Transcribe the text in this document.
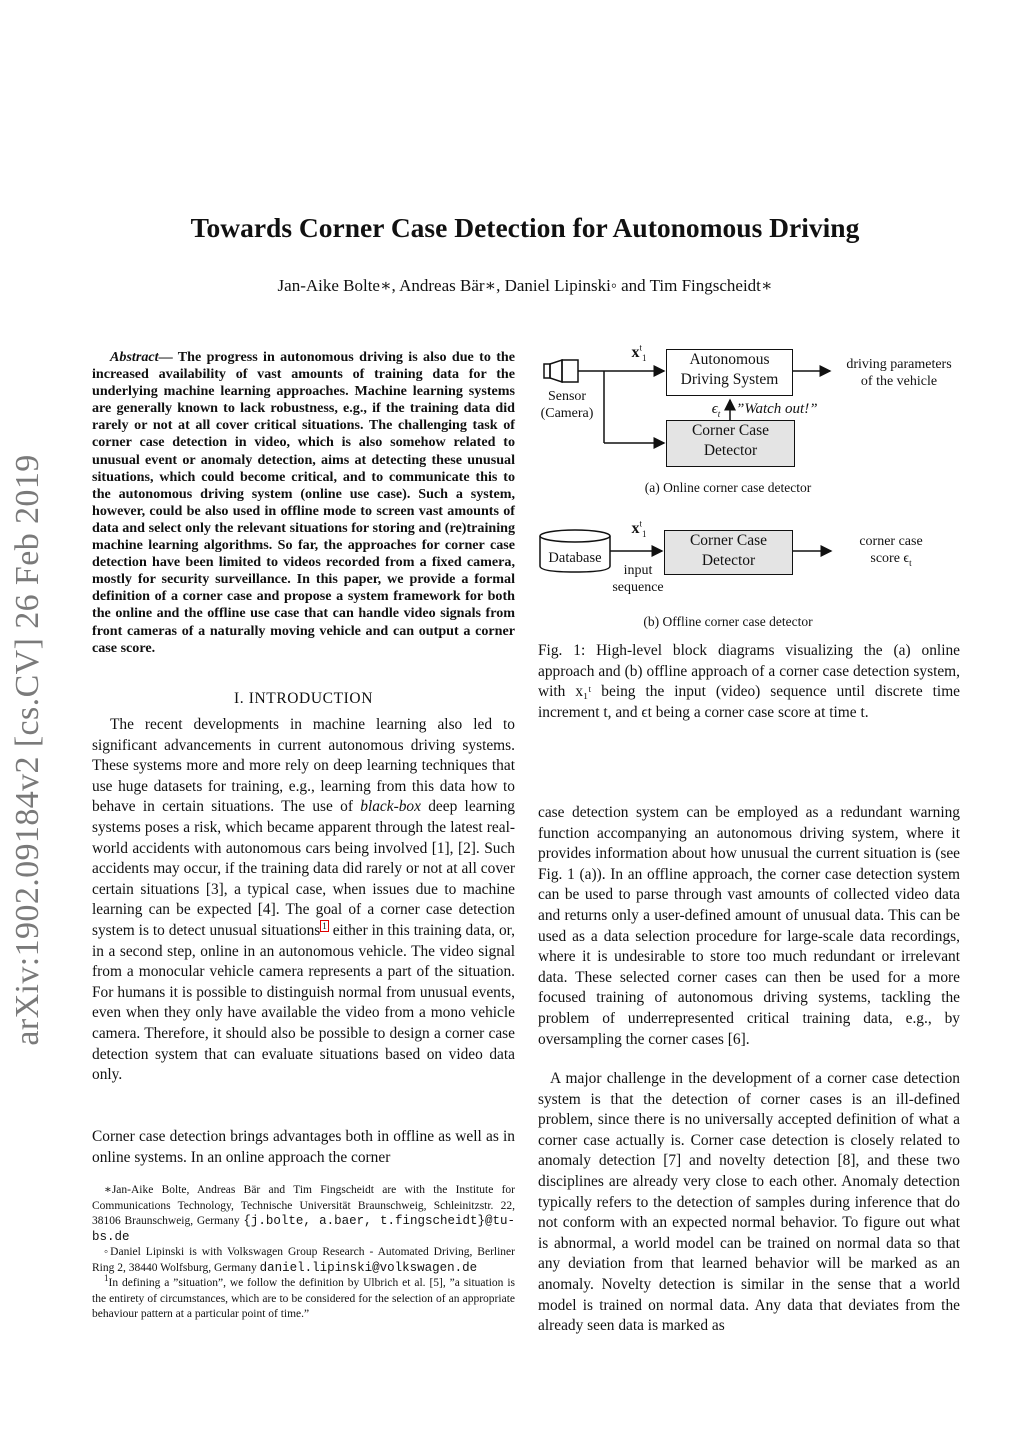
arXiv:1902.09184v2 [cs.CV] 26 Feb 2019
Towards Corner Case Detection for Autonomous Driving
Jan-Aike Bolte∗, Andreas Bär∗, Daniel Lipinski◦ and Tim Fingscheidt∗
Abstract— The progress in autonomous driving is also due to the increased availability of vast amounts of training data for the underlying machine learning approaches. Machine learning systems are generally known to lack robustness, e.g., if the training data did rarely or not at all cover critical situations. The challenging task of corner case detection in video, which is also somehow related to unusual event or anomaly detection, aims at detecting these unusual situations, which could become critical, and to communicate this to the autonomous driving system (online use case). Such a system, however, could be also used in offline mode to screen vast amounts of data and select only the relevant situations for storing and (re)training machine learning algorithms. So far, the approaches for corner case detection have been limited to videos recorded from a fixed camera, mostly for security surveillance. In this paper, we provide a formal definition of a corner case and propose a system framework for both the online and the offline use case that can handle video signals from front cameras of a naturally moving vehicle and can output a corner case score.
I. INTRODUCTION
The recent developments in machine learning also led to significant advancements in current autonomous driving systems. These systems more and more rely on deep learning techniques that use huge datasets for training, e.g., learning from this data how to behave in certain situations. The use of black-box deep learning systems poses a risk, which became apparent through the latest real-world accidents with autonomous cars being involved [1], [2]. Such accidents may occur, if the training data did rarely or not at all cover certain situations [3], a typical case, when issues due to machine learning can be expected [4]. The goal of a corner case detection system is to detect unusual situations $^1$ either in this training data, or, in a second step, online in an autonomous vehicle. The video signal from a monocular vehicle camera represents a part of the situation. For humans it is possible to distinguish normal from unusual events, even when they only have available the video from a mono vehicle camera. Therefore, it should also be possible to design a corner case detection system that can evaluate situations based on video data only.
Corner case detection brings advantages both in offline as well as in online systems. In an online approach the corner

∗Jan-Aike Bolte, Andreas Bär and Tim Fingscheidt are with the Institute for Communications Technology, Technische Universität Braunschweig, Schleinitzstr. 22, 38106 Braunschweig, Germany {j.bolte, a.baer, t.fingscheidt}@tu-bs.de

◦Daniel Lipinski is with Volkswagen Group Research - Automated Driving, Berliner Ring 2, 38440 Wolfsburg, Germany daniel.lipinski@volkswagen.de

$^1$In defining a ”situation”, we follow the definition by Ulbrich et al. [5], ”a situation is the entirety of circumstances, which are to be considered for the selection of an appropriate behaviour pattern at a particular point of time.”

Sensor
(Camera)
$x^t_1$	Autonomous
Driving System
Corner Case
Detector
$\epsilon_t$	”Watch out!”
driving parameters
of the vehicle
(a) Online corner case detector
Database
$x^t_1$
input
sequence
Corner Case
Detector
corner case
score $\epsilon_t$
(b) Offline corner case detector
Fig. 1: High-level block diagrams visualizing the (a) online approach and (b) offline approach of a corner case detection system, with x₁ᵗ being the input (video) sequence until discrete time increment t, and ϵt being a corner case score at time t.
case detection system can be employed as a redundant warning function accompanying an autonomous driving system, where it provides information about how unusual the current situation is (see Fig. 1 (a)). In an offline approach, the corner case detection system can be used to parse through vast amounts of collected video data and returns only a user-defined amount of unusual data. This can be used as a data selection procedure for large-scale data recordings, where it is undesirable to store too much redundant or irrelevant data. These selected corner cases can then be used for a more focused training of autonomous driving systems, tackling the problem of underrepresented critical training data, e.g., by oversampling the corner cases [6].
A major challenge in the development of a corner case detection system is that the detection of corner cases is an ill-defined problem, since there is no universally accepted definition of what a corner case actually is. Corner case detection is closely related to anomaly detection [7] and novelty detection [8], and these two disciplines are already very close to each other. Anomaly detection typically refers to the detection of samples during inference that do not conform with an expected normal behavior. To figure out what is abnormal, a world model can be trained on normal data so that any deviation from that learned behavior will be marked as an anomaly. Novelty detection is similar in the sense that a world model is trained on normal data. Any data that deviates from the already seen data is marked as
